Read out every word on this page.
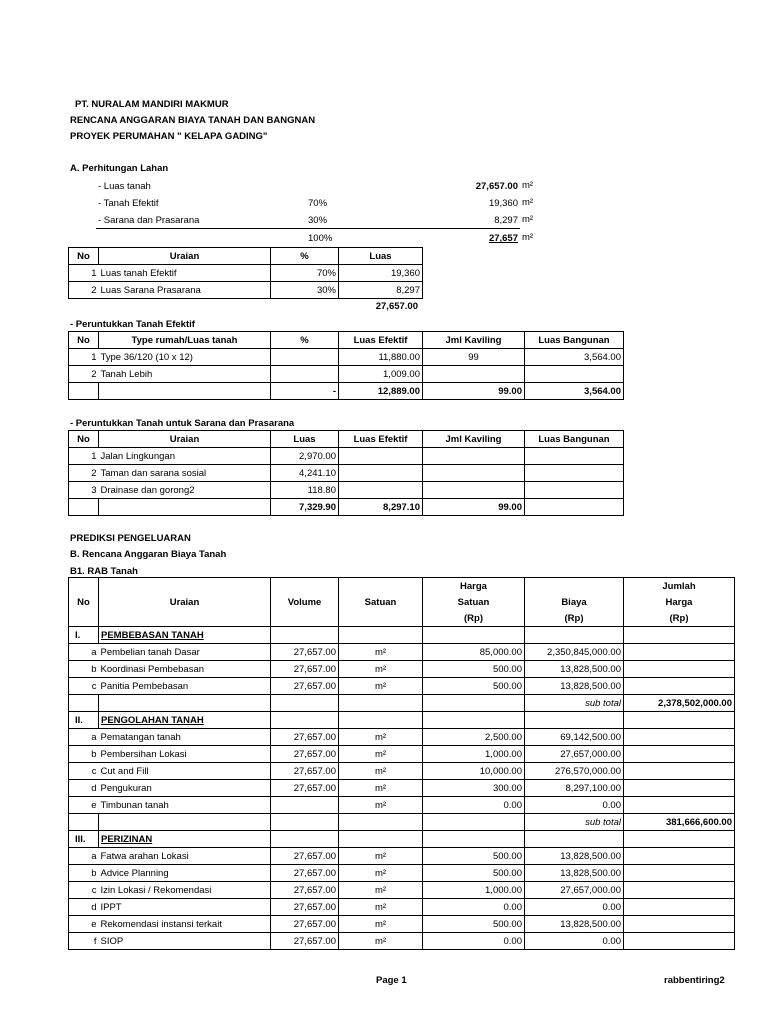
PT. NURALAM MANDIRI MAKMUR
RENCANA ANGGARAN BIAYA TANAH DAN BANGNAN
PROYEK PERUMAHAN " KELAPA GADING"
A. Perhitungan Lahan
- Luas tanah	27,657.00 m²
- Tanah Efektif	70%	19,360 m²
- Sarana dan Prasarana	30%	8,297 m²
100%	27,657 m²
No	Uraian	%	Luas
1	Luas tanah Efektif	70%	19,360
2	Luas Sarana Prasarana	30%	8,297
27,657.00
- Peruntukkan Tanah Efektif
No	Type rumah/Luas tanah	%	Luas Efektif	Jml Kaviling	Luas Bangunan
1	Type 36/120 (10 x 12)		11,880.00	99	3,564.00
2	Tanah Lebih		1,009.00		
		-	12,889.00	99.00	3,564.00
- Peruntukkan Tanah untuk Sarana dan Prasarana
No	Uraian	Luas	Luas Efektif	Jml Kaviling	Luas Bangunan
1	Jalan Lingkungan	2,970.00			
2	Taman dan sarana sosial	4,241.10			
3	Drainase dan gorong2	118.80			
		7,329.90	8,297.10	99.00	
PREDIKSI PENGELUARAN
B. Rencana Anggaran Biaya Tanah
B1. RAB Tanah
				Harga		Jumlah
No	Uraian	Volume	Satuan	Satuan	Biaya	Harga
				(Rp)	(Rp)	(Rp)
I.	PEMBEBASAN TANAH					
a	Pembelian tanah Dasar	27,657.00	m²	85,000.00	2,350,845,000.00	
b	Koordinasi Pembebasan	27,657.00	m²	500.00	13,828,500.00	
c	Panitia Pembebasan	27,657.00	m²	500.00	13,828,500.00	
					sub total	2,378,502,000.00
II.	PENGOLAHAN TANAH					
a	Pematangan tanah	27,657.00	m²	2,500.00	69,142,500.00	
b	Pembersihan Lokasi	27,657.00	m²	1,000.00	27,657,000.00	
c	Cut and Fill	27,657.00	m²	10,000.00	276,570,000.00	
d	Pengukuran	27,657.00	m²	300.00	8,297,100.00	
e	Timbunan tanah		m²	0.00	0.00	
					sub total	381,666,600.00
III.	PERIZINAN					
a	Fatwa arahan Lokasi	27,657.00	m²	500.00	13,828,500.00	
b	Advice Planning	27,657.00	m²	500.00	13,828,500.00	
c	Izin Lokasi / Rekomendasi	27,657.00	m²	1,000.00	27,657,000.00	
d	IPPT	27,657.00	m²	0.00	0.00	
e	Rekomendasi instansi terkait	27,657.00	m²	500.00	13,828,500.00	
f	SIOP	27,657.00	m²	0.00	0.00	
Page 1	rabbentiring2
